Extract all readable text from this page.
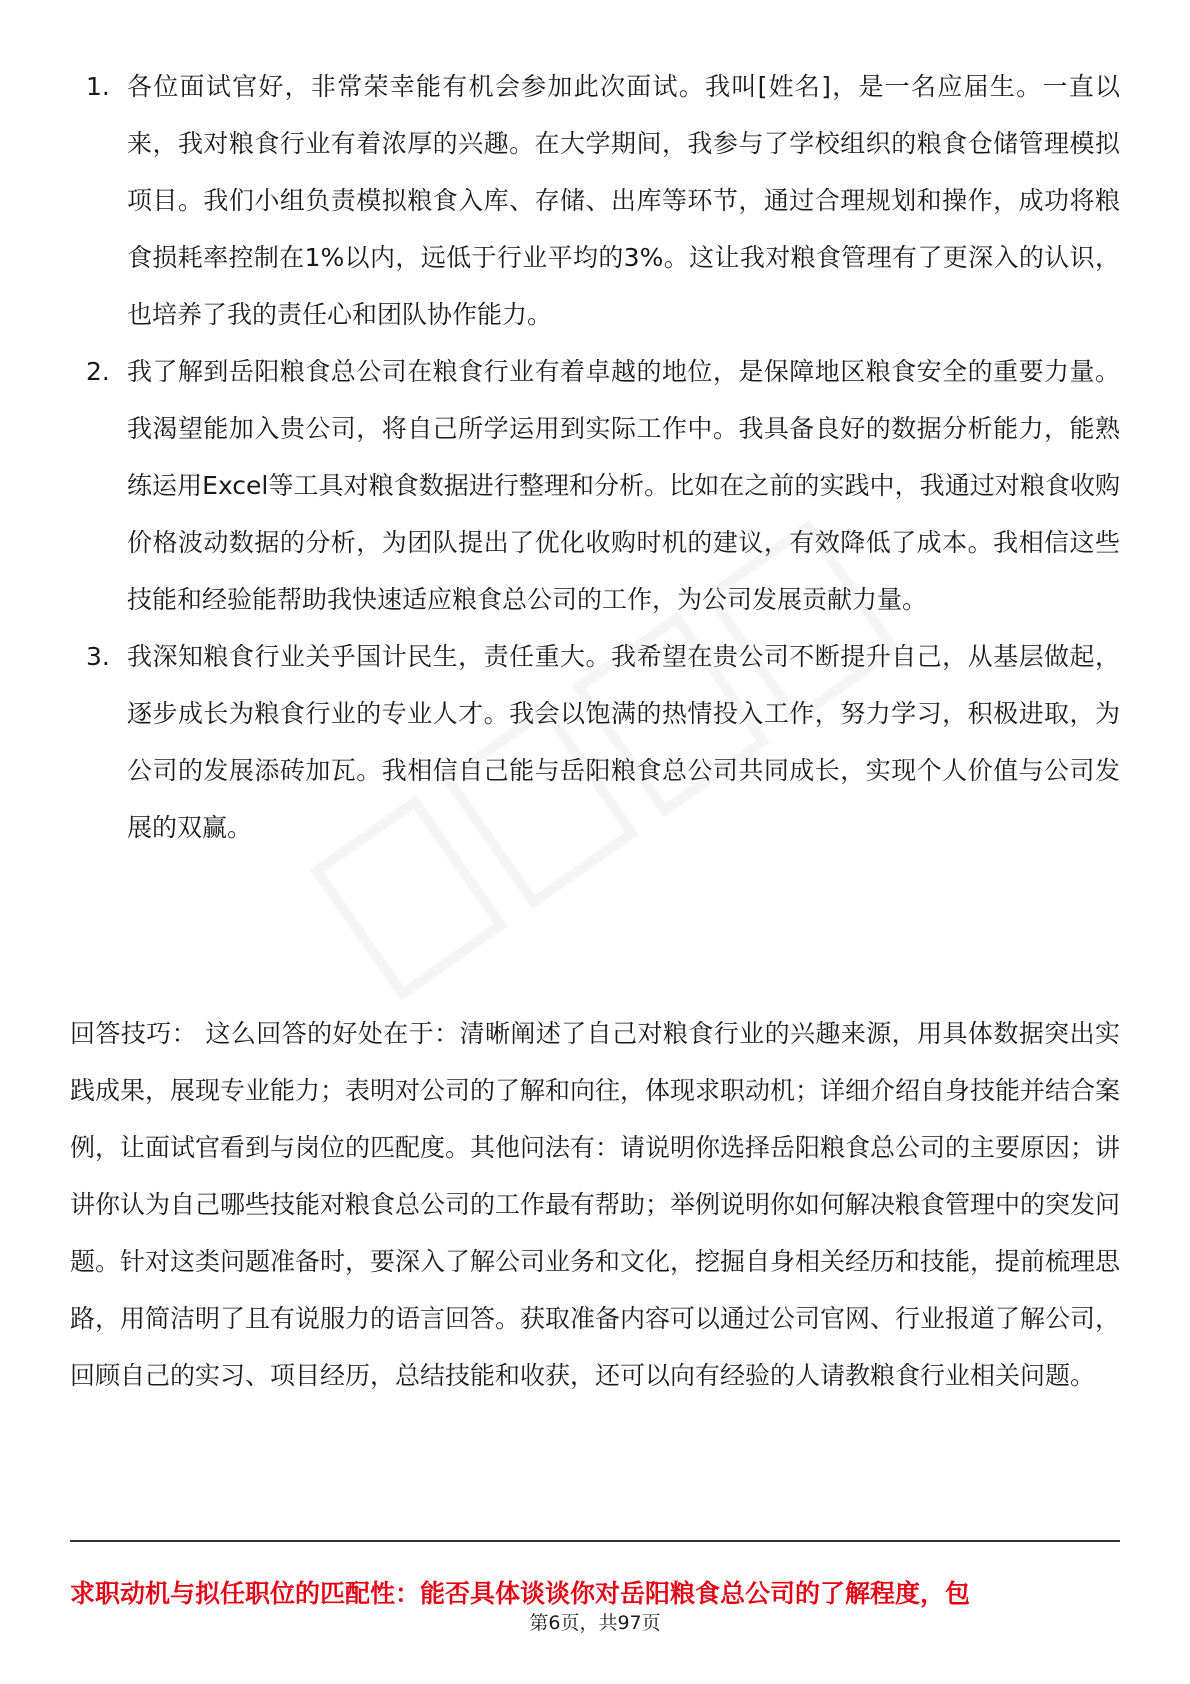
1. 各位面试官好，非常荣幸能有机会参加此次面试。我叫[姓名]，是一名应届生。一直以来，我对粮食行业有着浓厚的兴趣。在大学期间，我参与了学校组织的粮食仓储管理模拟项目。我们小组负责模拟粮食入库、存储、出库等环节，通过合理规划和操作，成功将粮食损耗率控制在1%以内，远低于行业平均的3%。这让我对粮食管理有了更深入的认识，也培养了我的责任心和团队协作能力。
2. 我了解到岳阳粮食总公司在粮食行业有着卓越的地位，是保障地区粮食安全的重要力量。我渴望能加入贵公司，将自己所学运用到实际工作中。我具备良好的数据分析能力，能熟练运用Excel等工具对粮食数据进行整理和分析。比如在之前的实践中，我通过对粮食收购价格波动数据的分析，为团队提出了优化收购时机的建议，有效降低了成本。我相信这些技能和经验能帮助我快速适应粮食总公司的工作，为公司发展贡献力量。
3. 我深知粮食行业关乎国计民生，责任重大。我希望在贵公司不断提升自己，从基层做起，逐步成长为粮食行业的专业人才。我会以饱满的热情投入工作，努力学习，积极进取，为公司的发展添砖加瓦。我相信自己能与岳阳粮食总公司共同成长，实现个人价值与公司发展的双赢。

回答技巧： 这么回答的好处在于：清晰阐述了自己对粮食行业的兴趣来源，用具体数据突出实践成果，展现专业能力；表明对公司的了解和向往，体现求职动机；详细介绍自身技能并结合案例，让面试官看到与岗位的匹配度。其他问法有：请说明你选择岳阳粮食总公司的主要原因；讲讲你认为自己哪些技能对粮食总公司的工作最有帮助；举例说明你如何解决粮食管理中的突发问题。针对这类问题准备时，要深入了解公司业务和文化，挖掘自身相关经历和技能，提前梳理思路，用简洁明了且有说服力的语言回答。获取准备内容可以通过公司官网、行业报道了解公司，回顾自己的实习、项目经历，总结技能和收获，还可以向有经验的人请教粮食行业相关问题。

求职动机与拟任职位的匹配性：能否具体谈谈你对岳阳粮食总公司的了解程度，包

第6页，共97页
